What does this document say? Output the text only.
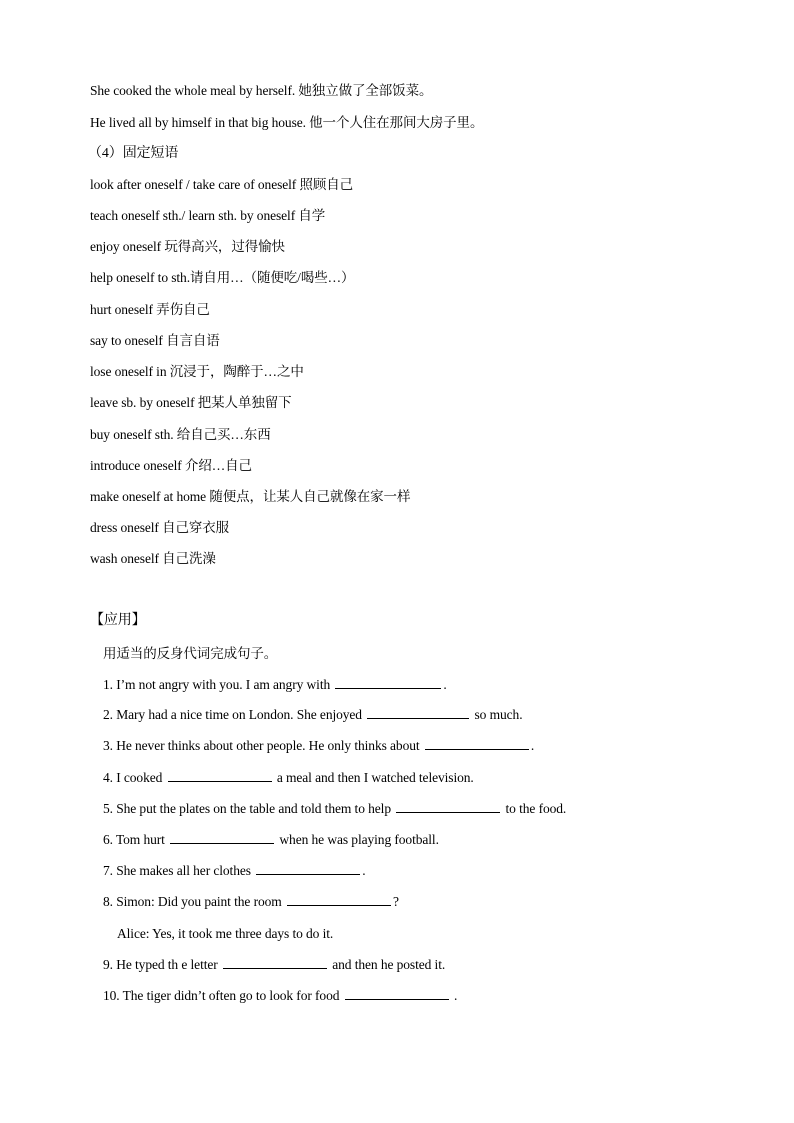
She cooked the whole meal by herself. 她独立做了全部饭菜。
He lived all by himself in that big house. 他一个人住在那间大房子里。
（4）固定短语
look after oneself / take care of oneself 照顾自己
teach oneself sth./ learn sth. by oneself 自学
enjoy oneself 玩得高兴，过得愉快
help oneself to sth.请自用…（随便吃/喝些…）
hurt oneself 弄伤自己
say to oneself 自言自语
lose oneself in 沉浸于，陶醉于…之中
leave sb. by oneself 把某人单独留下
buy oneself sth. 给自己买…东西
introduce oneself 介绍…自己
make oneself at home 随便点，让某人自己就像在家一样
dress oneself 自己穿衣服
wash oneself 自己洗澡
【应用】
用适当的反身代词完成句子。
1. I’m not angry with you. I am angry with	.
2. Mary had a nice time on London. She enjoyed	so much.
3. He never thinks about other people. He only thinks about	.
4. I cooked	a meal and then I watched television.
5. She put the plates on the table and told them to help	to the food.
6. Tom hurt	when he was playing football.
7. She makes all her clothes	.
8. Simon: Did you paint the room	?
Alice: Yes, it took me three days to do it.
9. He typed th e letter	and then he posted it.
10. The tiger didn’t often go to look for food	.
